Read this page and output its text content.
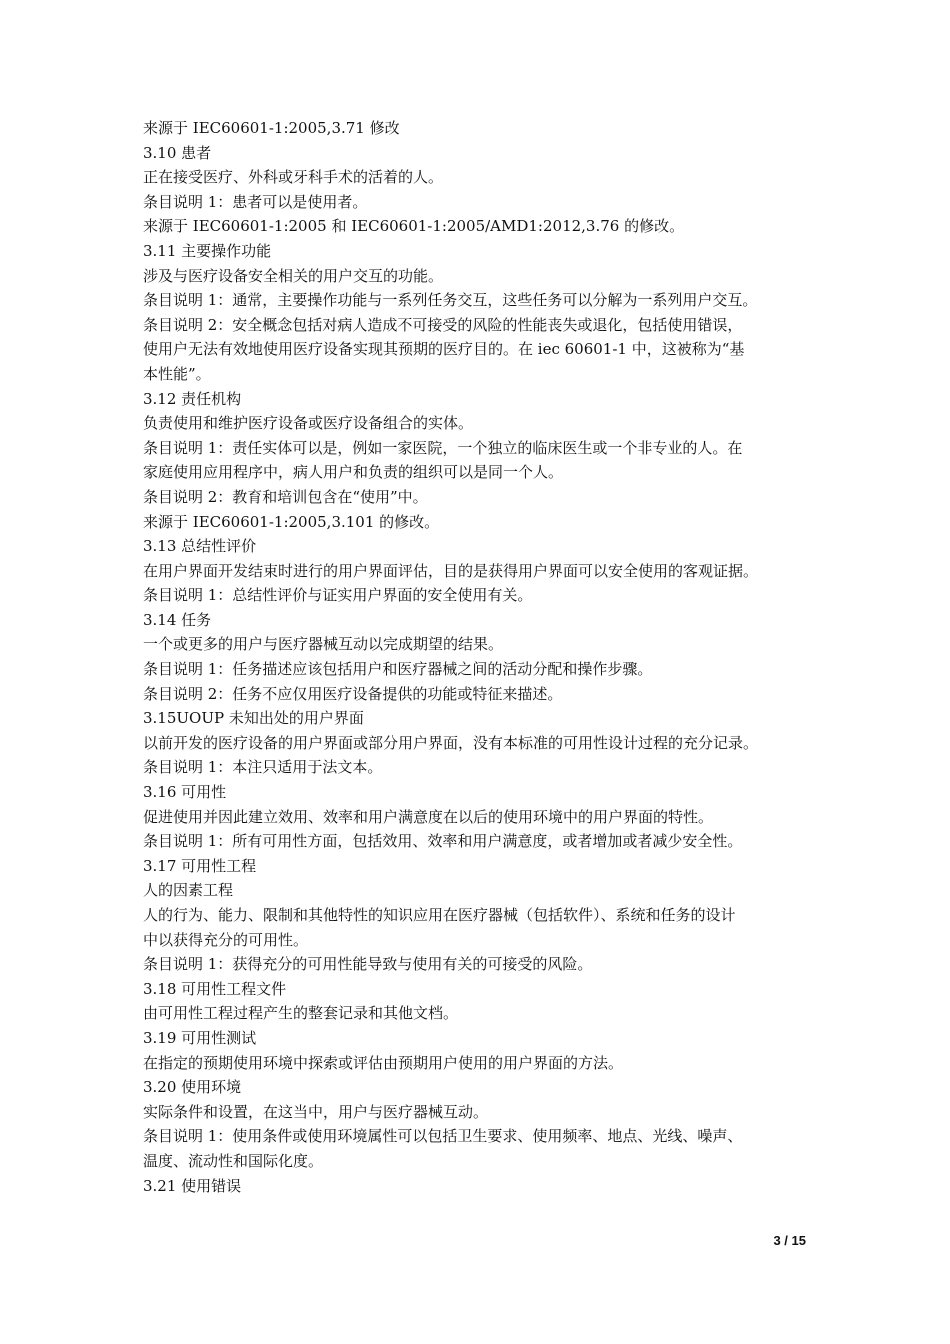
来源于 IEC60601-1:2005,3.71 修改
3.10 患者
正在接受医疗、外科或牙科手术的活着的人。
条目说明 1：患者可以是使用者。
来源于 IEC60601-1:2005 和 IEC60601-1:2005/AMD1:2012,3.76 的修改。
3.11 主要操作功能
涉及与医疗设备安全相关的用户交互的功能。
条目说明 1：通常，主要操作功能与一系列任务交互，这些任务可以分解为一系列用户交互。
条目说明 2：安全概念包括对病人造成不可接受的风险的性能丧失或退化，包括使用错误，
使用户无法有效地使用医疗设备实现其预期的医疗目的。在 iec 60601-1 中，这被称为“基
本性能”。
3.12 责任机构
负责使用和维护医疗设备或医疗设备组合的实体。
条目说明 1：责任实体可以是，例如一家医院，一个独立的临床医生或一个非专业的人。在
家庭使用应用程序中，病人用户和负责的组织可以是同一个人。
条目说明 2：教育和培训包含在“使用”中。
来源于 IEC60601-1:2005,3.101 的修改。
3.13 总结性评价
在用户界面开发结束时进行的用户界面评估，目的是获得用户界面可以安全使用的客观证据。
条目说明 1：总结性评价与证实用户界面的安全使用有关。
3.14 任务
一个或更多的用户与医疗器械互动以完成期望的结果。
条目说明 1：任务描述应该包括用户和医疗器械之间的活动分配和操作步骤。
条目说明 2：任务不应仅用医疗设备提供的功能或特征来描述。
3.15UOUP 未知出处的用户界面
以前开发的医疗设备的用户界面或部分用户界面，没有本标准的可用性设计过程的充分记录。
条目说明 1：本注只适用于法文本。
3.16 可用性
促进使用并因此建立效用、效率和用户满意度在以后的使用环境中的用户界面的特性。
条目说明 1：所有可用性方面，包括效用、效率和用户满意度，或者增加或者减少安全性。
3.17 可用性工程
人的因素工程
人的行为、能力、限制和其他特性的知识应用在医疗器械（包括软件）、系统和任务的设计
中以获得充分的可用性。
条目说明 1：获得充分的可用性能导致与使用有关的可接受的风险。
3.18 可用性工程文件
由可用性工程过程产生的整套记录和其他文档。
3.19 可用性测试
在指定的预期使用环境中探索或评估由预期用户使用的用户界面的方法。
3.20 使用环境
实际条件和设置，在这当中，用户与医疗器械互动。
条目说明 1：使用条件或使用环境属性可以包括卫生要求、使用频率、地点、光线、噪声、
温度、流动性和国际化度。
3.21 使用错误
3 / 15
